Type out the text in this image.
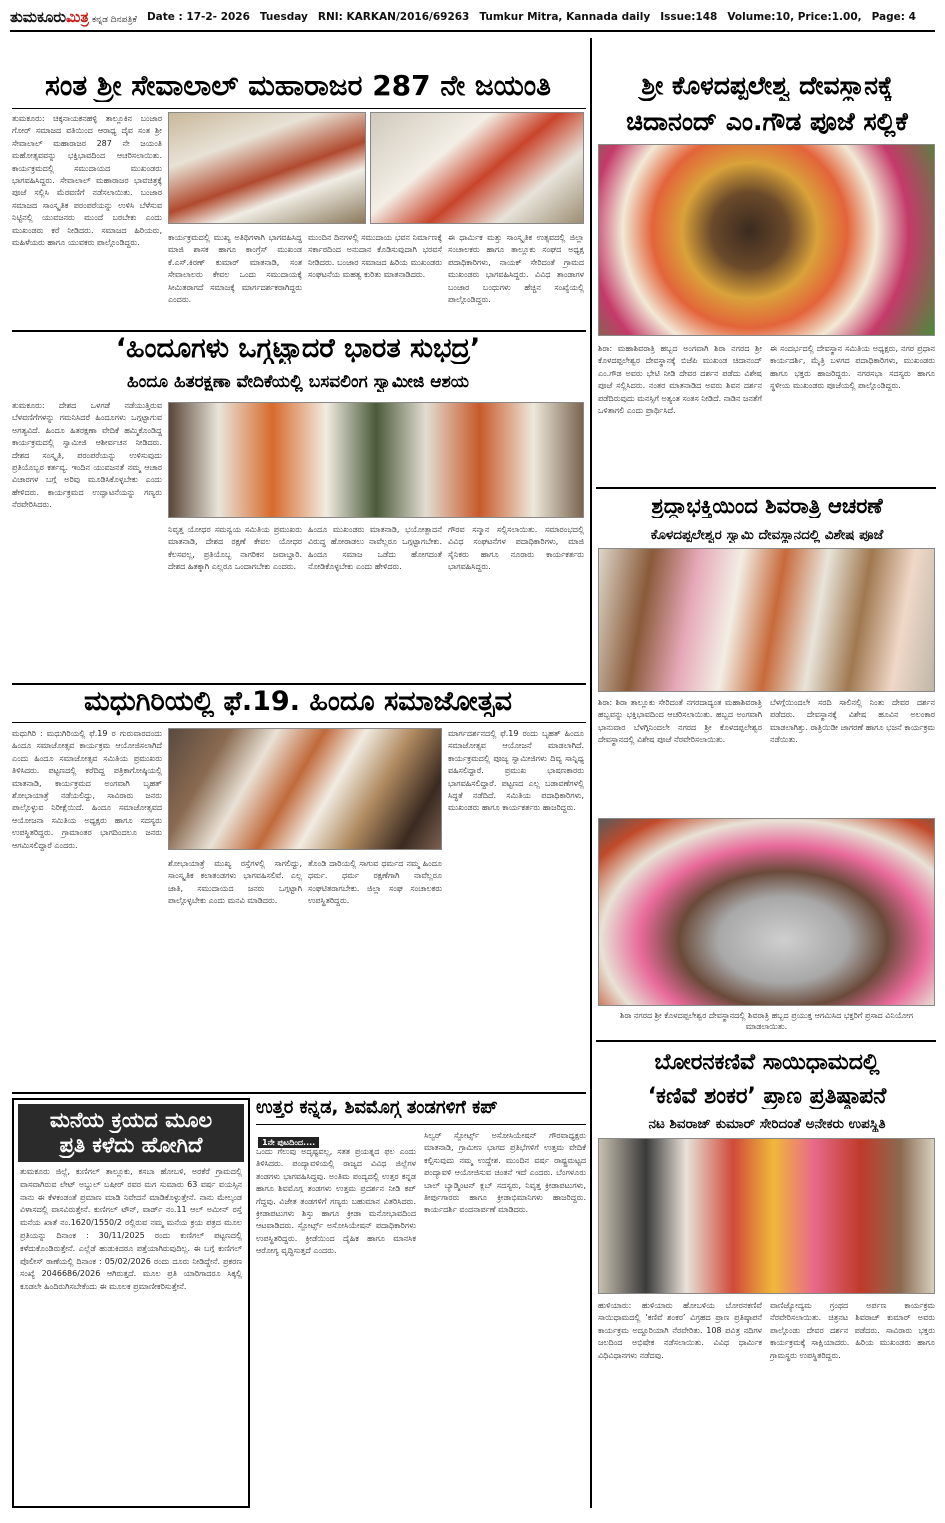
ತುಮಕೂರುಮಿತ್ರ ಕನ್ನಡ ದಿನಪತ್ರಿಕೆ Date : 17-2- 2026 Tuesday RNI: KARKAN/2016/69263 Tumkur Mitra, Kannada daily Issue:148 Volume:10, Price:1.00, Page: 4
ಸಂತ ಶ್ರೀ ಸೇವಾಲಾಲ್ ಮಹಾರಾಜರ 287 ನೇ ಜಯಂತಿ
ತುಮಕೂರು: ಚಿಕ್ಕನಾಯಕನಹಳ್ಳಿ ತಾಲ್ಲೂಕಿನ ಬಂಜಾರ ಗೋರ್ ಸಮಾಜದ ವತಿಯಿಂದ ಆರಾಧ್ಯ ದೈವ ಸಂತ ಶ್ರೀ ಸೇವಾಲಾಲ್ ಮಹಾರಾಜರ 287 ನೇ ಜಯಂತಿ ಮಹೋತ್ಸವವನ್ನು ಭಕ್ತಿಭಾವದಿಂದ ಆಚರಿಸಲಾಯಿತು. ಕಾರ್ಯಕ್ರಮದಲ್ಲಿ ಸಮುದಾಯದ ಮುಖಂಡರು ಭಾಗವಹಿಸಿದ್ದರು. ಸೇವಾಲಾಲ್ ಮಹಾರಾಜರ ಭಾವಚಿತ್ರಕ್ಕೆ ಪೂಜೆ ಸಲ್ಲಿಸಿ ಮೆರವಣಿಗೆ ನಡೆಸಲಾಯಿತು. ಬಂಜಾರ ಸಮಾಜದ ಸಾಂಸ್ಕೃತಿಕ ಪರಂಪರೆಯನ್ನು ಉಳಿಸಿ ಬೆಳೆಸುವ ನಿಟ್ಟಿನಲ್ಲಿ ಯುವಜನರು ಮುಂದೆ ಬರಬೇಕು ಎಂದು ಮುಖಂಡರು ಕರೆ ನೀಡಿದರು. ಸಮಾಜದ ಹಿರಿಯರು, ಮಹಿಳೆಯರು ಹಾಗೂ ಯುವಕರು ಪಾಲ್ಗೊಂಡಿದ್ದರು.
ಕಾರ್ಯಕ್ರಮದಲ್ಲಿ ಮುಖ್ಯ ಅತಿಥಿಗಳಾಗಿ ಭಾಗವಹಿಸಿದ್ದ ಮಾಜಿ ಶಾಸಕ ಹಾಗೂ ಕಾಂಗ್ರೆಸ್ ಮುಖಂಡ ಕೆ.ಎಸ್.ಕಿರಣ್ ಕುಮಾರ್ ಮಾತನಾಡಿ, ಸಂತ ಸೇವಾಲಾಲರು ಕೇವಲ ಒಂದು ಸಮುದಾಯಕ್ಕೆ ಸೀಮಿತರಾಗದೆ ಸಮಾಜಕ್ಕೆ ಮಾರ್ಗದರ್ಶಕರಾಗಿದ್ದರು ಎಂದರು.
ಮುಂದಿನ ದಿನಗಳಲ್ಲಿ ಸಮುದಾಯ ಭವನ ನಿರ್ಮಾಣಕ್ಕೆ ಸರ್ಕಾರದಿಂದ ಅನುದಾನ ಕೊಡಿಸುವುದಾಗಿ ಭರವಸೆ ನೀಡಿದರು. ಬಂಜಾರ ಸಮಾಜದ ಹಿರಿಯ ಮುಖಂಡರು ಸಂಘಟನೆಯ ಮಹತ್ವ ಕುರಿತು ಮಾತನಾಡಿದರು.
ಈ ಧಾರ್ಮಿಕ ಮತ್ತು ಸಾಂಸ್ಕೃತಿಕ ಉತ್ಸವದಲ್ಲಿ ಜಿಲ್ಲಾ ಸಂಚಾಲಕರು ಹಾಗೂ ತಾಲ್ಲೂಕು ಸಂಘದ ಅಧ್ಯಕ್ಷ ಪದಾಧಿಕಾರಿಗಳು, ನಾಯಕ್ ಸೇರಿದಂತೆ ಗ್ರಾಮದ ಮುಖಂಡರು ಭಾಗವಹಿಸಿದ್ದರು. ವಿವಿಧ ತಾಂಡಾಗಳ ಬಂಜಾರ ಬಂಧುಗಳು ಹೆಚ್ಚಿನ ಸಂಖ್ಯೆಯಲ್ಲಿ ಪಾಲ್ಗೊಂಡಿದ್ದರು.
ಶ್ರೀ ಕೊಳದಪ್ಪಲೇಶ್ವ ದೇವಸ್ಥಾನಕ್ಕೆ
ಚಿದಾನಂದ್ ಎಂ.ಗೌಡ ಪೂಜೆ ಸಲ್ಲಿಕೆ
ಶಿರಾ: ಮಹಾಶಿವರಾತ್ರಿ ಹಬ್ಬದ ಅಂಗವಾಗಿ ಶಿರಾ ನಗರದ ಶ್ರೀ ಕೊಳದಪ್ಪಲೇಶ್ವರ ದೇವಸ್ಥಾನಕ್ಕೆ ಬಿಜೆಪಿ ಮುಖಂಡ ಚಿದಾನಂದ್ ಎಂ.ಗೌಡ ಅವರು ಭೇಟಿ ನೀಡಿ ದೇವರ ದರ್ಶನ ಪಡೆದು ವಿಶೇಷ ಪೂಜೆ ಸಲ್ಲಿಸಿದರು. ನಂತರ ಮಾತನಾಡಿದ ಅವರು ಶಿವನ ದರ್ಶನ ಪಡೆದಿರುವುದು ಮನಸ್ಸಿಗೆ ಅತ್ಯಂತ ಸಂತಸ ನೀಡಿದೆ. ನಾಡಿನ ಜನತೆಗೆ ಒಳಿತಾಗಲಿ ಎಂದು ಪ್ರಾರ್ಥಿಸಿದೆ.
ಈ ಸಂದರ್ಭದಲ್ಲಿ ದೇವಸ್ಥಾನ ಸಮಿತಿಯ ಅಧ್ಯಕ್ಷರು, ನಗರ ಪ್ರಧಾನ ಕಾರ್ಯದರ್ಶಿ, ಮೈತ್ರಿ ಬಳಗದ ಪದಾಧಿಕಾರಿಗಳು, ಮುಖಂಡರು ಹಾಗೂ ಭಕ್ತರು ಹಾಜರಿದ್ದರು. ನಗರಸಭಾ ಸದಸ್ಯರು ಹಾಗೂ ಸ್ಥಳೀಯ ಮುಖಂಡರು ಪೂಜೆಯಲ್ಲಿ ಪಾಲ್ಗೊಂಡಿದ್ದರು.
‘ಹಿಂದೂಗಳು ಒಗ್ಗಟ್ಟಾದರೆ ಭಾರತ ಸುಭದ್ರ’
ಹಿಂದೂ ಹಿತರಕ್ಷಣಾ ವೇದಿಕೆಯಲ್ಲಿ ಬಸವಲಿಂಗ ಸ್ವಾಮೀಜಿ ಆಶಯ
ತುಮಕೂರು: ದೇಶದ ಒಳಗಡೆ ನಡೆಯುತ್ತಿರುವ ಬೆಳವಣಿಗೆಗಳನ್ನು ಗಮನಿಸಿದರೆ ಹಿಂದೂಗಳು ಒಗ್ಗಟ್ಟಾಗುವ ಅಗತ್ಯವಿದೆ. ಹಿಂದೂ ಹಿತರಕ್ಷಣಾ ವೇದಿಕೆ ಹಮ್ಮಿಕೊಂಡಿದ್ದ ಕಾರ್ಯಕ್ರಮದಲ್ಲಿ ಸ್ವಾಮೀಜಿ ಆಶೀರ್ವಚನ ನೀಡಿದರು. ದೇಶದ ಸಂಸ್ಕೃತಿ, ಪರಂಪರೆಯನ್ನು ಉಳಿಸುವುದು ಪ್ರತಿಯೊಬ್ಬರ ಕರ್ತವ್ಯ. ಇಂದಿನ ಯುವಜನತೆ ನಮ್ಮ ಆಚಾರ ವಿಚಾರಗಳ ಬಗ್ಗೆ ಅರಿವು ಮೂಡಿಸಿಕೊಳ್ಳಬೇಕು ಎಂದು ಹೇಳಿದರು. ಕಾರ್ಯಕ್ರಮದ ಉದ್ಘಾಟನೆಯನ್ನು ಗಣ್ಯರು ನೆರವೇರಿಸಿದರು.
ನಿವೃತ್ತ ಯೋಧರ ಸಮನ್ವಯ ಸಮಿತಿಯ ಪ್ರಮುಖರು ಮಾತನಾಡಿ, ದೇಶದ ರಕ್ಷಣೆ ಕೇವಲ ಯೋಧರ ಕೆಲಸವಲ್ಲ, ಪ್ರತಿಯೊಬ್ಬ ನಾಗರಿಕನ ಜವಾಬ್ದಾರಿ. ದೇಶದ ಹಿತಕ್ಕಾಗಿ ಎಲ್ಲರೂ ಒಂದಾಗಬೇಕು ಎಂದರು.
ಹಿಂದೂ ಮುಖಂಡರು ಮಾತನಾಡಿ, ಭಯೋತ್ಪಾದನೆ ವಿರುದ್ಧ ಹೋರಾಡಲು ನಾವೆಲ್ಲರೂ ಒಗ್ಗಟ್ಟಾಗಬೇಕು. ಹಿಂದೂ ಸಮಾಜ ಒಡೆದು ಹೋಗದಂತೆ ನೋಡಿಕೊಳ್ಳಬೇಕು ಎಂದು ಹೇಳಿದರು.
ಗೌರವ ಸನ್ಮಾನ ಸಲ್ಲಿಸಲಾಯಿತು. ಸಮಾರಂಭದಲ್ಲಿ ವಿವಿಧ ಸಂಘಟನೆಗಳ ಪದಾಧಿಕಾರಿಗಳು, ಮಾಜಿ ಸೈನಿಕರು ಹಾಗೂ ನೂರಾರು ಕಾರ್ಯಕರ್ತರು ಭಾಗವಹಿಸಿದ್ದರು.
ಶ್ರದ್ಧಾಭಕ್ತಿಯಿಂದ ಶಿವರಾತ್ರಿ ಆಚರಣೆ
ಕೊಳದಪ್ಪಲೇಶ್ವರ ಸ್ವಾಮಿ ದೇವಸ್ಥಾನದಲ್ಲಿ ವಿಶೇಷ ಪೂಜೆ
ಶಿರಾ: ಶಿರಾ ತಾಲ್ಲೂಕು ಸೇರಿದಂತೆ ನಗರದಾದ್ಯಂತ ಮಹಾಶಿವರಾತ್ರಿ ಹಬ್ಬವನ್ನು ಭಕ್ತಿಭಾವದಿಂದ ಆಚರಿಸಲಾಯಿತು. ಹಬ್ಬದ ಅಂಗವಾಗಿ ಭಾನುವಾರ ಬೆಳಗ್ಗಿನಿಂದಲೇ ನಗರದ ಶ್ರೀ ಕೊಳದಪ್ಪಲೇಶ್ವರ ದೇವಸ್ಥಾನದಲ್ಲಿ ವಿಶೇಷ ಪೂಜೆ ನೆರವೇರಿಸಲಾಯಿತು.
ಬೆಳಗ್ಗೆಯಿಂದಲೇ ಸರದಿ ಸಾಲಿನಲ್ಲಿ ನಿಂತು ದೇವರ ದರ್ಶನ ಪಡೆದರು. ದೇವಸ್ಥಾನಕ್ಕೆ ವಿಶೇಷ ಹೂವಿನ ಅಲಂಕಾರ ಮಾಡಲಾಗಿತ್ತು. ರಾತ್ರಿಯಿಡೀ ಜಾಗರಣೆ ಹಾಗೂ ಭಜನೆ ಕಾರ್ಯಕ್ರಮ ನಡೆಯಿತು.
ಶಿರಾ ನಗರದ ಶ್ರೀ ಕೊಳದಪ್ಪಲೇಶ್ವರ ದೇವಸ್ಥಾನದಲ್ಲಿ ಶಿವರಾತ್ರಿ ಹಬ್ಬದ ಪ್ರಯುಕ್ತ ಆಗಮಿಸಿದ ಭಕ್ತರಿಗೆ ಪ್ರಸಾದ ವಿನಿಯೋಗ ಮಾಡಲಾಯಿತು.
ಮಧುಗಿರಿಯಲ್ಲಿ ಫೆ.19. ಹಿಂದೂ ಸಮಾಜೋತ್ಸವ
ಮಧುಗಿರಿ : ಮಧುಗಿರಿಯಲ್ಲಿ ಫೆ.19 ರ ಗುರುವಾರದಂದು ಹಿಂದೂ ಸಮಾಜೋತ್ಸವ ಕಾರ್ಯಕ್ರಮ ಆಯೋಜಿಸಲಾಗಿದೆ ಎಂದು ಹಿಂದೂ ಸಮಾಜೋತ್ಸವ ಸಮಿತಿಯ ಪ್ರಮುಖರು ತಿಳಿಸಿದರು. ಪಟ್ಟಣದಲ್ಲಿ ಕರೆದಿದ್ದ ಪತ್ರಿಕಾಗೋಷ್ಠಿಯಲ್ಲಿ ಮಾತನಾಡಿ, ಕಾರ್ಯಕ್ರಮದ ಅಂಗವಾಗಿ ಬೃಹತ್ ಶೋಭಾಯಾತ್ರೆ ನಡೆಯಲಿದ್ದು, ಸಾವಿರಾರು ಜನರು ಪಾಲ್ಗೊಳ್ಳುವ ನಿರೀಕ್ಷೆಯಿದೆ. ಹಿಂದೂ ಸಮಾಜೋತ್ಸವದ ಆಯೋಜನಾ ಸಮಿತಿಯ ಅಧ್ಯಕ್ಷರು ಹಾಗೂ ಸದಸ್ಯರು ಉಪಸ್ಥಿತರಿದ್ದರು. ಗ್ರಾಮಾಂತರ ಭಾಗದಿಂದಲೂ ಜನರು ಆಗಮಿಸಲಿದ್ದಾರೆ ಎಂದರು.
ಮಾರ್ಗದರ್ಶನದಲ್ಲಿ ಫೆ.19 ರಂದು ಬೃಹತ್ ಹಿಂದೂ ಸಮಾಜೋತ್ಸವ ಆಯೋಜನೆ ಮಾಡಲಾಗಿದೆ. ಕಾರ್ಯಕ್ರಮದಲ್ಲಿ ಪೂಜ್ಯ ಸ್ವಾಮೀಜಿಗಳು ದಿವ್ಯ ಸಾನ್ನಿಧ್ಯ ವಹಿಸಲಿದ್ದಾರೆ. ಪ್ರಮುಖ ಭಾಷಣಕಾರರು ಭಾಗವಹಿಸಲಿದ್ದಾರೆ. ಪಟ್ಟಣದ ಎಲ್ಲ ಬಡಾವಣೆಗಳಲ್ಲಿ ಸಿದ್ಧತೆ ನಡೆದಿದೆ. ಸಮಿತಿಯ ಪದಾಧಿಕಾರಿಗಳು, ಮುಖಂಡರು ಹಾಗೂ ಕಾರ್ಯಕರ್ತರು ಹಾಜರಿದ್ದರು.
ಶೋಭಾಯಾತ್ರೆ ಮುಖ್ಯ ರಸ್ತೆಗಳಲ್ಲಿ ಸಾಗಲಿದ್ದು, ಸಾಂಸ್ಕೃತಿಕ ಕಲಾತಂಡಗಳು ಭಾಗವಹಿಸಲಿವೆ. ಎಲ್ಲ ಜಾತಿ, ಸಮುದಾಯದ ಜನರು ಒಗ್ಗಟ್ಟಾಗಿ ಪಾಲ್ಗೊಳ್ಳಬೇಕು ಎಂದು ಮನವಿ ಮಾಡಿದರು.
ತೊಂಡಿ ದಾರಿಯಲ್ಲಿ ಸಾಗುವ ಧರ್ಮದ ನಮ್ಮ ಹಿಂದೂ ಧರ್ಮ. ಧರ್ಮ ರಕ್ಷಣೆಗಾಗಿ ನಾವೆಲ್ಲರೂ ಸಂಘಟಿತರಾಗಬೇಕು. ಜಿಲ್ಲಾ ಸಂಘ ಸಂಚಾಲಕರು ಉಪಸ್ಥಿತರಿದ್ದರು.
ಬೋರನಕಣಿವೆ ಸಾಯಿಧಾಮದಲ್ಲಿ
‘ಕಣಿವೆ ಶಂಕರ’ ಪ್ರಾಣ ಪ್ರತಿಷ್ಠಾಪನೆ
ನಟ ಶಿವರಾಜ್ ಕುಮಾರ್ ಸೇರಿದಂತೆ ಅನೇಕರು ಉಪಸ್ಥಿತಿ
ಹುಳಿಯಾರು: ಹುಳಿಯಾರು ಹೋಬಳಿಯ ಬೋರನಕಣಿವೆ ಸಾಯಿಧಾಮದಲ್ಲಿ ‘ಕಣಿವೆ ಶಂಕರ’ ವಿಗ್ರಹದ ಪ್ರಾಣ ಪ್ರತಿಷ್ಠಾಪನೆ ಕಾರ್ಯಕ್ರಮ ಅದ್ದೂರಿಯಾಗಿ ನೆರವೇರಿತು. 108 ಪವಿತ್ರ ನದಿಗಳ ಜಲದಿಂದ ಅಭಿಷೇಕ ನಡೆಸಲಾಯಿತು. ವಿವಿಧ ಧಾರ್ಮಿಕ ವಿಧಿವಿಧಾನಗಳು ನಡೆದವು.
ವಾಣಿಜ್ಯೋದ್ಯಮ ಗ್ರಂಥದ ಅರ್ಪಣ ಕಾರ್ಯಕ್ರಮ ನೆರವೇರಿಸಲಾಯಿತು. ಚಿತ್ರನಟ ಶಿವರಾಜ್ ಕುಮಾರ್ ಅವರು ಪಾಲ್ಗೊಂಡು ದೇವರ ದರ್ಶನ ಪಡೆದರು. ಸಾವಿರಾರು ಭಕ್ತರು ಕಾರ್ಯಕ್ರಮಕ್ಕೆ ಸಾಕ್ಷಿಯಾದರು. ಹಿರಿಯ ಮುಖಂಡರು ಹಾಗೂ ಗ್ರಾಮಸ್ಥರು ಉಪಸ್ಥಿತರಿದ್ದರು.
ಮನೆಯ ಕ್ರಯದ ಮೂಲ
ಪ್ರತಿ ಕಳೆದು ಹೋಗಿದೆ
ತುಮಕೂರು ಜಿಲ್ಲೆ, ಕುಣಿಗಲ್ ತಾಲ್ಲೂಕು, ಕಸಬಾ ಹೋಬಳಿ, ಅರಕೆರೆ ಗ್ರಾಮದಲ್ಲಿ ವಾಸವಾಗಿರುವ ಲೇಟ್ ಅಬ್ದುಲ್ ಬಷೀರ್ ರವರ ಮಗ ಸುಮಾರು 63 ವರ್ಷ ವಯಸ್ಸಿನ ನಾನು ಈ ಕೆಳಕಂಡಂತೆ ಪ್ರಮಾಣ ಮಾಡಿ ನಿವೇದನೆ ಮಾಡಿಕೊಳ್ಳುತ್ತೇನೆ. ನಾನು ಮೇಲ್ಕಂಡ ವಿಳಾಸದಲ್ಲಿ ವಾಸವಿರುತ್ತೇನೆ. ಕುಣಿಗಲ್ ಟೌನ್, ವಾರ್ಡ್ ನಂ.11 ಆಲ್ ಅಮೀನ್ ರಸ್ತೆ ಮನೆಯ ಖಾತೆ ನಂ.1620/1550/2 ರಲ್ಲಿರುವ ನಮ್ಮ ಮನೆಯ ಕ್ರಯ ಪತ್ರದ ಮೂಲ ಪ್ರತಿಯನ್ನು ದಿನಾಂಕ : 30/11/2025 ರಂದು ಕುಣಿಗಲ್ ಪಟ್ಟಣದಲ್ಲಿ ಕಳೆದುಕೊಂಡಿರುತ್ತೇನೆ. ಎಲ್ಲೆಡೆ ಹುಡುಕಿದರೂ ಪತ್ತೆಯಾಗಿರುವುದಿಲ್ಲ. ಈ ಬಗ್ಗೆ ಕುಣಿಗಲ್ ಪೊಲೀಸ್ ಠಾಣೆಯಲ್ಲಿ ದಿನಾಂಕ : 05/02/2026 ರಂದು ದೂರು ನೀಡಿದ್ದೇನೆ. ಪ್ರಕರಣ ಸಂಖ್ಯೆ 2046686/2026 ಆಗಿರುತ್ತದೆ. ಮೂಲ ಪ್ರತಿ ಯಾರಿಗಾದರೂ ಸಿಕ್ಕಲ್ಲಿ ಕೂಡಲೇ ಹಿಂದಿರುಗಿಸಬೇಕೆಂದು ಈ ಮೂಲಕ ಪ್ರಮಾಣೀಕರಿಸುತ್ತೇನೆ.
ಉತ್ತರ ಕನ್ನಡ, ಶಿವಮೊಗ್ಗ ತಂಡಗಳಿಗೆ ಕಪ್
1ನೇ ಪುಟದಿಂದ....
ಒಂದು ಗೆಲುವು ಅದೃಷ್ಟವಲ್ಲ, ಸತತ ಪ್ರಯತ್ನದ ಫಲ ಎಂದು ತಿಳಿಸಿದರು. ಪಂದ್ಯಾವಳಿಯಲ್ಲಿ ರಾಜ್ಯದ ವಿವಿಧ ಜಿಲ್ಲೆಗಳ ತಂಡಗಳು ಭಾಗವಹಿಸಿದ್ದವು. ಅಂತಿಮ ಪಂದ್ಯದಲ್ಲಿ ಉತ್ತರ ಕನ್ನಡ ಹಾಗೂ ಶಿವಮೊಗ್ಗ ತಂಡಗಳು ಉತ್ತಮ ಪ್ರದರ್ಶನ ನೀಡಿ ಕಪ್ ಗೆದ್ದವು. ವಿಜೇತ ತಂಡಗಳಿಗೆ ಗಣ್ಯರು ಬಹುಮಾನ ವಿತರಿಸಿದರು. ಕ್ರೀಡಾಪಟುಗಳು ಶಿಸ್ತು ಹಾಗೂ ಕ್ರೀಡಾ ಮನೋಭಾವದಿಂದ ಆಟವಾಡಿದರು. ಸ್ಪೋರ್ಟ್ಸ್ ಅಸೋಸಿಯೇಷನ್ ಪದಾಧಿಕಾರಿಗಳು ಉಪಸ್ಥಿತರಿದ್ದರು. ಕ್ರೀಡೆಯಿಂದ ದೈಹಿಕ ಹಾಗೂ ಮಾನಸಿಕ ಆರೋಗ್ಯ ವೃದ್ಧಿಸುತ್ತದೆ ಎಂದರು.
ಸಿಲ್ವರ್ ಸ್ಪೋರ್ಟ್ಸ್ ಅಸೋಸಿಯೇಷನ್ ಗೌರವಾಧ್ಯಕ್ಷರು ಮಾತನಾಡಿ, ಗ್ರಾಮೀಣ ಭಾಗದ ಪ್ರತಿಭೆಗಳಿಗೆ ಉತ್ತಮ ವೇದಿಕೆ ಕಲ್ಪಿಸುವುದು ನಮ್ಮ ಉದ್ದೇಶ. ಮುಂದಿನ ವರ್ಷ ರಾಷ್ಟ್ರಮಟ್ಟದ ಪಂದ್ಯಾವಳಿ ಆಯೋಜಿಸುವ ಚಿಂತನೆ ಇದೆ ಎಂದರು. ಬೆಂಗಳೂರು ಬಾಲ್ ಬ್ಯಾಡ್ಮಿಂಟನ್ ಕ್ಲಬ್ ಸದಸ್ಯರು, ನಿವೃತ್ತ ಕ್ರೀಡಾಪಟುಗಳು, ತೀರ್ಪುಗಾರರು ಹಾಗೂ ಕ್ರೀಡಾಭಿಮಾನಿಗಳು ಹಾಜರಿದ್ದರು. ಕಾರ್ಯದರ್ಶಿ ವಂದನಾರ್ಪಣೆ ಮಾಡಿದರು.
